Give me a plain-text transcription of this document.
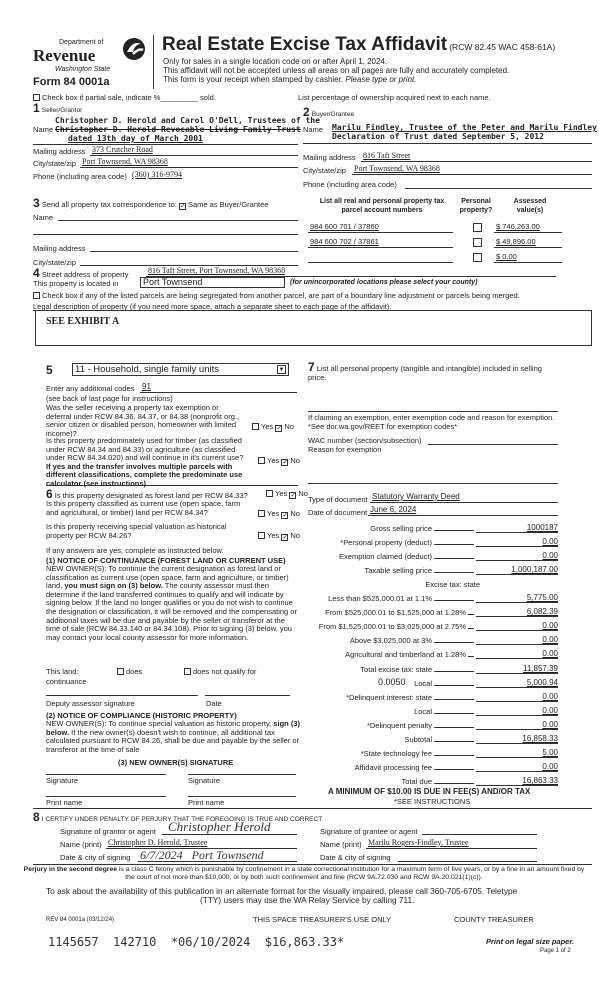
Department of
Revenue
Washington State
Form 84 0001a
Real Estate Excise Tax Affidavit (RCW 82.45 WAC 458-61A)
Only for sales in a single location code on or after April 1, 2024.
This affidavit will not be accepted unless all areas on all pages are fully and accurately completed.
This form is your receipt when stamped by cashier. Please type or print.
Check box if partial sale, indicate %_________ sold.	List percentage of ownership acquired next to each name.
1 Seller/Grantor
Name
Christopher D. Herold and Carol O'Dell, Trustees of the
Christopher D. Herold Revocable Living Family Trust
dated 13th day of March 2001
Mailing address 373 Crutcher Road
City/state/zip Port Townsend, WA 98368
Phone (including area code) (360) 316-9794
2 Buyer/Grantee
Name Marilu Findley, Trustee of the Peter and Marilu Findley
Declaration of Trust dated September 5, 2012
Mailing address 816 Taft Street
City/state/zip Port Townsend, WA 98368
Phone (including area code)
3 Send all property tax correspondence to: ✓ Same as Buyer/Grantee
Name
Mailing address
City/state/zip
List all real and personal property tax
parcel account numbers
Personal
property?
Assessed
value(s)
984 600 701 / 37860	$ 746,263.00
984 600 702 / 37861	$ 49,896.00
$ 0.00
4 Street address of property 816 Taft Street, Port Townsend, WA 98368
This property is located in	Port Townsend	(for unincorporated locations please select your county)
Check box if any of the listed parcels are being segregated from another parcel, are part of a boundary line adjustment or parcels being merged.
Legal description of property (if you need more space, attach a separate sheet to each page of the affidavit).
SEE EXHIBIT A
5	11 - Household, single family units	▼
Enter any additional codes 91
(see back of last page for instructions)
Was the seller receiving a property tax exemption or deferral under RCW 84.36, 84.37, or 84.38 (nonprofit org., senior citizen or disabled person, homeowner with limited income)?
Yes ✓ No
Is this property predominately used for timber (as classified under RCW 84.34 and 84.33) or agriculture (as classified under RCW 84.34.020) and will continue in it's current use? If yes and the transfer involves multiple parcels with different classifications, complete the predominate use calculator (see instructions)
Yes ✓ No
7 List all personal property (tangible and intangible) included in selling price.
If claiming an exemption, enter exemption code and reason for exemption. *See dor.wa.gov/REET for exemption codes*
WAC number (section/subsection)
Reason for exemption
6 Is this property designated as forest land per RCW 84.33?	Yes ✓ No
Is this property classified as current use (open space, farm and agricultural, or timber) land per RCW 84.34?	Yes ✓ No
Is this property receiving special valuation as historical property per RCW 84.26?	Yes ✓ No
If any answers are yes, complete as instructed below.
(1) NOTICE OF CONTINUANCE (FOREST LAND OR CURRENT USE)
NEW OWNER(S): To continue the current designation as forest land or classification as current use (open space, farm and agriculture, or timber) land, you must sign on (3) below. The county assessor must then determine if the land transferred continues to qualify and will indicate by signing below. If the land no longer qualifies or you do not wish to continue the designation or classification, it will be removed and the compensating or additional taxes will be due and payable by the seller or transferor at the time of sale (RCW 84.33.140 or 84.34.108). Prior to signing (3) below, you may contact your local county assessor for more information.
This land:	does	does not qualify for
continuance
Deputy assessor signature	Date
(2) NOTICE OF COMPLIANCE (HISTORIC PROPERTY)
NEW OWNER(S): To continue special valuation as historic property, sign (3) below. If the new owner(s) doesn't wish to continue, all additional tax calculated pursuant to RCW 84.26, shall be due and payable by the seller or transferor at the time of sale
(3) NEW OWNER(S) SIGNATURE
Signature	Signature
Print name	Print name
Type of document Statutory Warranty Deed
Date of document June 6, 2024
Gross selling price	1000187
*Personal property (deduct)	0.00
Exemption claimed (deduct)	0.00
Taxable selling price	1,000,187.00
Excise tax: state
Less than $525,000.01 at 1.1%	5,775.00
From $525,000.01 to $1,525,000 at 1.28%	6,082.39
From $1,525,000.01 to $3,025,000 at 2.75%	0.00
Above $3,025,000 at 3%	0.00
Agricultural and timberland at 1.28%	0.00
Total excise tax: state	11,857.39
Local	5,000.94
*Delinquent interest: state	0.00
Local	0.00
*Delinquent penalty	0.00
Subtotal	16,858.33
*State technology fee	5.00
Affidavit processing fee	0.00
Total due	16,863.33
0.0050
A MINIMUM OF $10.00 IS DUE IN FEE(S) AND/OR TAX
*SEE INSTRUCTIONS
8 I CERTIFY UNDER PENALTY OF PERJURY THAT THE FOREGOING IS TRUE AND CORRECT
Signature of grantor or agent Christopher Herold
Name (print) Christopher D. Herold, Trustee
Date & city of signing 6/7/2024   Port Townsend
Signature of grantee or agent
Name (print) Marilu Rogers-Findley, Trustee
Date & city of signing
Perjury in the second degree is a class C felony which is punishable by confinement in a state correctional institution for a maximum term of five years, or by a fine in an amount fixed by the court of not more than $10,000, or by both such confinement and fine (RCW 9A.72.030 and RCW 9A.20.021(1)(c)).
To ask about the availability of this publication in an alternate format for the visually impaired, please call 360-705-6705. Teletype
(TTY) users may use the WA Relay Service by calling 711.
REV 84 0001a (03/12/24)	THIS SPACE TREASURER'S USE ONLY	COUNTY TREASURER
1145657  142710  *06/10/2024  $16,863.33*	Print on legal size paper.
Page 1 of 2
